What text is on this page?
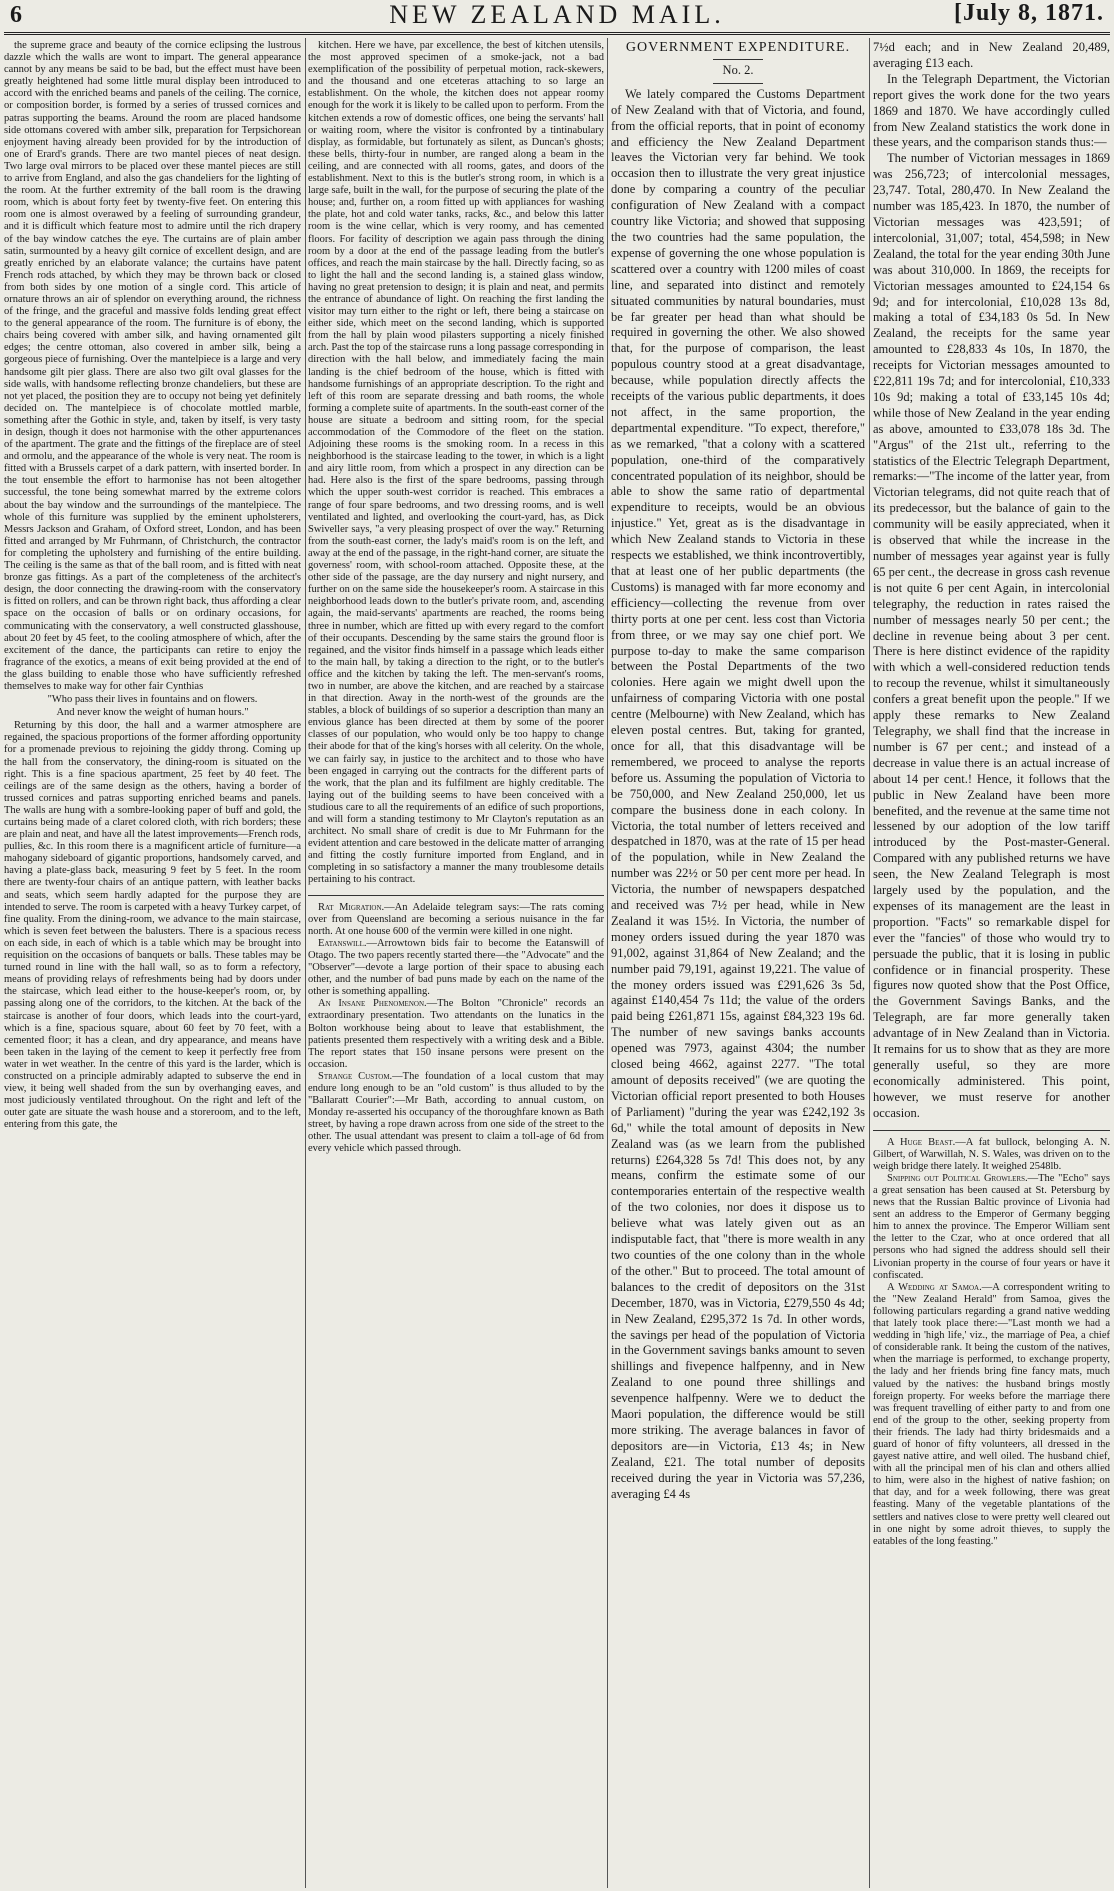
6	NEW ZEALAND MAIL.	[July 8, 1871.

the supreme grace and beauty of the cornice eclipsing the lustrous dazzle which the walls are wont to impart. The general appearance cannot by any means be said to be bad, but the effect must have been greatly heightened had some little mural display been introduced to accord with the enriched beams and panels of the ceiling. The cornice, or composition border, is formed by a series of trussed cornices and patras supporting the beams. Around the room are placed handsome side ottomans covered with amber silk, preparation for Terpsichorean enjoyment having already been provided for by the introduction of one of Erard's grands. There are two mantel pieces of neat design. Two large oval mirrors to be placed over these mantel pieces are still to arrive from England, and also the gas chandeliers for the lighting of the room. At the further extremity of the ball room is the drawing room, which is about forty feet by twenty-five feet. On entering this room one is almost overawed by a feeling of surrounding grandeur, and it is difficult which feature most to admire until the rich drapery of the bay window catches the eye. The curtains are of plain amber satin, surmounted by a heavy gilt cornice of excellent design, and are greatly enriched by an elaborate valance; the curtains have patent French rods attached, by which they may be thrown back or closed from both sides by one motion of a single cord. This article of ornature throws an air of splendor on everything around, the richness of the fringe, and the graceful and massive folds lending great effect to the general appearance of the room. The furniture is of ebony, the chairs being covered with amber silk, and having ornamented gilt edges; the centre ottoman, also covered in amber silk, being a gorgeous piece of furnishing. Over the mantelpiece is a large and very handsome gilt pier glass. There are also two gilt oval glasses for the side walls, with handsome reflecting bronze chandeliers, but these are not yet placed, the position they are to occupy not being yet definitely decided on. The mantelpiece is of chocolate mottled marble, something after the Gothic in style, and, taken by itself, is very tasty in design, though it does not harmonise with the other appurtenances of the apartment. The grate and the fittings of the fireplace are of steel and ormolu, and the appearance of the whole is very neat. The room is fitted with a Brussels carpet of a dark pattern, with inserted border. In the tout ensemble the effort to harmonise has not been altogether successful, the tone being somewhat marred by the extreme colors about the bay window and the surroundings of the mantelpiece. The whole of this furniture was supplied by the eminent upholsterers, Messrs Jackson and Graham, of Oxford street, London, and has been fitted and arranged by Mr Fuhrmann, of Christchurch, the contractor for completing the upholstery and furnishing of the entire building. The ceiling is the same as that of the ball room, and is fitted with neat bronze gas fittings. As a part of the completeness of the architect's design, the door connecting the drawing-room with the conservatory is fitted on rollers, and can be thrown right back, thus affording a clear space on the occasion of balls or on ordinary occasions, for communicating with the conservatory, a well constructed glasshouse, about 20 feet by 45 feet, to the cooling atmosphere of which, after the excitement of the dance, the participants can retire to enjoy the fragrance of the exotics, a means of exit being provided at the end of the glass building to enable those who have sufficiently refreshed themselves to make way for other fair Cynthias

"Who pass their lives in fountains and on flowers.

And never know the weight of human hours."

Returning by this door, the hall and a warmer atmosphere are regained, the spacious proportions of the former affording opportunity for a promenade previous to rejoining the giddy throng. Coming up the hall from the conservatory, the dining-room is situated on the right. This is a fine spacious apartment, 25 feet by 40 feet. The ceilings are of the same design as the others, having a border of trussed cornices and patras supporting enriched beams and panels. The walls are hung with a sombre-looking paper of buff and gold, the curtains being made of a claret colored cloth, with rich borders; these are plain and neat, and have all the latest improvements—French rods, pullies, &c. In this room there is a magnificent article of furniture—a mahogany sideboard of gigantic proportions, handsomely carved, and having a plate-glass back, measuring 9 feet by 5 feet. In the room there are twenty-four chairs of an antique pattern, with leather backs and seats, which seem hardly adapted for the purpose they are intended to serve. The room is carpeted with a heavy Turkey carpet, of fine quality. From the dining-room, we advance to the main staircase, which is seven feet between the balusters. There is a spacious recess on each side, in each of which is a table which may be brought into requisition on the occasions of banquets or balls. These tables may be turned round in line with the hall wall, so as to form a refectory, means of providing relays of refreshments being had by doors under the staircase, which lead either to the house-keeper's room, or, by passing along one of the corridors, to the kitchen. At the back of the staircase is another of four doors, which leads into the court-yard, which is a fine, spacious square, about 60 feet by 70 feet, with a cemented floor; it has a clean, and dry appearance, and means have been taken in the laying of the cement to keep it perfectly free from water in wet weather. In the centre of this yard is the larder, which is constructed on a principle admirably adapted to subserve the end in view, it being well shaded from the sun by overhanging eaves, and most judiciously ventilated throughout. On the right and left of the outer gate are situate the wash house and a storeroom, and to the left, entering from this gate, the

kitchen. Here we have, par excellence, the best of kitchen utensils, the most approved specimen of a smoke-jack, not a bad exemplification of the possibility of perpetual motion, rack-skewers, and the thousand and one etceteras attaching to so large an establishment. On the whole, the kitchen does not appear roomy enough for the work it is likely to be called upon to perform. From the kitchen extends a row of domestic offices, one being the servants' hall or waiting room, where the visitor is confronted by a tintinabulary display, as formidable, but fortunately as silent, as Duncan's ghosts; these bells, thirty-four in number, are ranged along a beam in the ceiling, and are connected with all rooms, gates, and doors of the establishment. Next to this is the butler's strong room, in which is a large safe, built in the wall, for the purpose of securing the plate of the house; and, further on, a room fitted up with appliances for washing the plate, hot and cold water tanks, racks, &c., and below this latter room is the wine cellar, which is very roomy, and has cemented floors. For facility of description we again pass through the dining room by a door at the end of the passage leading from the butler's offices, and reach the main staircase by the hall. Directly facing, so as to light the hall and the second landing is, a stained glass window, having no great pretension to design; it is plain and neat, and permits the entrance of abundance of light. On reaching the first landing the visitor may turn either to the right or left, there being a staircase on either side, which meet on the second landing, which is supported from the hall by plain wood pilasters supporting a nicely finished arch. Past the top of the staircase runs a long passage corresponding in direction with the hall below, and immediately facing the main landing is the chief bedroom of the house, which is fitted with handsome furnishings of an appropriate description. To the right and left of this room are separate dressing and bath rooms, the whole forming a complete suite of apartments. In the south-east corner of the house are situate a bedroom and sitting room, for the special accommodation of the Commodore of the fleet on the station. Adjoining these rooms is the smoking room. In a recess in this neighborhood is the staircase leading to the tower, in which is a light and airy little room, from which a prospect in any direction can be had. Here also is the first of the spare bedrooms, passing through which the upper south-west corridor is reached. This embraces a range of four spare bedrooms, and two dressing rooms, and is well ventilated and lighted, and overlooking the court-yard, has, as Dick Swiveller says, "a very pleasing prospect of over the way." Returning from the south-east corner, the lady's maid's room is on the left, and away at the end of the passage, in the right-hand corner, are situate the governess' room, with school-room attached. Opposite these, at the other side of the passage, are the day nursery and night nursery, and further on on the same side the housekeeper's room. A staircase in this neighborhood leads down to the butler's private room, and, ascending again, the maid-servants' apartments are reached, the rooms being three in number, which are fitted up with every regard to the comfort of their occupants. Descending by the same stairs the ground floor is regained, and the visitor finds himself in a passage which leads either to the main hall, by taking a direction to the right, or to the butler's office and the kitchen by taking the left. The men-servant's rooms, two in number, are above the kitchen, and are reached by a staircase in that direction. Away in the north-west of the grounds are the stables, a block of buildings of so superior a description than many an envious glance has been directed at them by some of the poorer classes of our population, who would only be too happy to change their abode for that of the king's horses with all celerity. On the whole, we can fairly say, in justice to the architect and to those who have been engaged in carrying out the contracts for the different parts of the work, that the plan and its fulfilment are highly creditable. The laying out of the building seems to have been conceived with a studious care to all the requirements of an edifice of such proportions, and will form a standing testimony to Mr Clayton's reputation as an architect. No small share of credit is due to Mr Fuhrmann for the evident attention and care bestowed in the delicate matter of arranging and fitting the costly furniture imported from England, and in completing in so satisfactory a manner the many troublesome details pertaining to his contract.

Rat Migration.—An Adelaide telegram says:—The rats coming over from Queensland are becoming a serious nuisance in the far north. At one house 600 of the vermin were killed in one night.

Eatanswill.—Arrowtown bids fair to become the Eatanswill of Otago. The two papers recently started there—the "Advocate" and the "Observer"—devote a large portion of their space to abusing each other, and the number of bad puns made by each on the name of the other is something appalling.

An Insane Phenomenon.—The Bolton "Chronicle" records an extraordinary presentation. Two attendants on the lunatics in the Bolton workhouse being about to leave that establishment, the patients presented them respectively with a writing desk and a Bible. The report states that 150 insane persons were present on the occasion.

Strange Custom.—The foundation of a local custom that may endure long enough to be an "old custom" is thus alluded to by the "Ballaratt Courier":—Mr Bath, according to annual custom, on Monday re-asserted his occupancy of the thoroughfare known as Bath street, by having a rope drawn across from one side of the street to the other. The usual attendant was present to claim a toll-age of 6d from every vehicle which passed through.

GOVERNMENT EXPENDITURE.
No. 2.

We lately compared the Customs Department of New Zealand with that of Victoria, and found, from the official reports, that in point of economy and efficiency the New Zealand Department leaves the Victorian very far behind. We took occasion then to illustrate the very great injustice done by comparing a country of the peculiar configuration of New Zealand with a compact country like Victoria; and showed that supposing the two countries had the same population, the expense of governing the one whose population is scattered over a country with 1200 miles of coast line, and separated into distinct and remotely situated communities by natural boundaries, must be far greater per head than what should be required in governing the other. We also showed that, for the purpose of comparison, the least populous country stood at a great disadvantage, because, while population directly affects the receipts of the various public departments, it does not affect, in the same proportion, the departmental expenditure. "To expect, therefore," as we remarked, "that a colony with a scattered population, one-third of the comparatively concentrated population of its neighbor, should be able to show the same ratio of departmental expenditure to receipts, would be an obvious injustice." Yet, great as is the disadvantage in which New Zealand stands to Victoria in these respects we established, we think incontrovertibly, that at least one of her public departments (the Customs) is managed with far more economy and efficiency—collecting the revenue from over thirty ports at one per cent. less cost than Victoria from three, or we may say one chief port. We purpose to-day to make the same comparison between the Postal Departments of the two colonies. Here again we might dwell upon the unfairness of comparing Victoria with one postal centre (Melbourne) with New Zealand, which has eleven postal centres. But, taking for granted, once for all, that this disadvantage will be remembered, we proceed to analyse the reports before us. Assuming the population of Victoria to be 750,000, and New Zealand 250,000, let us compare the business done in each colony. In Victoria, the total number of letters received and despatched in 1870, was at the rate of 15 per head of the population, while in New Zealand the number was 22½ or 50 per cent more per head. In Victoria, the number of newspapers despatched and received was 7½ per head, while in New Zealand it was 15½. In Victoria, the number of money orders issued during the year 1870 was 91,002, against 31,864 of New Zealand; and the number paid 79,191, against 19,221. The value of the money orders issued was £291,626 3s 5d, against £140,454 7s 11d; the value of the orders paid being £261,871 15s, against £84,323 19s 6d. The number of new savings banks accounts opened was 7973, against 4304; the number closed being 4662, against 2277. "The total amount of deposits received" (we are quoting the Victorian official report presented to both Houses of Parliament) "during the year was £242,192 3s 6d," while the total amount of deposits in New Zealand was (as we learn from the published returns) £264,328 5s 7d! This does not, by any means, confirm the estimate some of our contemporaries entertain of the respective wealth of the two colonies, nor does it dispose us to believe what was lately given out as an indisputable fact, that "there is more wealth in any two counties of the one colony than in the whole of the other." But to proceed. The total amount of balances to the credit of depositors on the 31st December, 1870, was in Victoria, £279,550 4s 4d; in New Zealand, £295,372 1s 7d. In other words, the savings per head of the population of Victoria in the Government savings banks amount to seven shillings and fivepence halfpenny, and in New Zealand to one pound three shillings and sevenpence halfpenny. Were we to deduct the Maori population, the difference would be still more striking. The average balances in favor of depositors are—in Victoria, £13 4s; in New Zealand, £21. The total number of deposits received during the year in Victoria was 57,236, averaging £4 4s

7½d each; and in New Zealand 20,489, averaging £13 each.

In the Telegraph Department, the Victorian report gives the work done for the two years 1869 and 1870. We have accordingly culled from New Zealand statistics the work done in these years, and the comparison stands thus:—

The number of Victorian messages in 1869 was 256,723; of intercolonial messages, 23,747. Total, 280,470. In New Zealand the number was 185,423. In 1870, the number of Victorian messages was 423,591; of intercolonial, 31,007; total, 454,598; in New Zealand, the total for the year ending 30th June was about 310,000. In 1869, the receipts for Victorian messages amounted to £24,154 6s 9d; and for intercolonial, £10,028 13s 8d, making a total of £34,183 0s 5d. In New Zealand, the receipts for the same year amounted to £28,833 4s 10s, In 1870, the receipts for Victorian messages amounted to £22,811 19s 7d; and for intercolonial, £10,333 10s 9d; making a total of £33,145 10s 4d; while those of New Zealand in the year ending as above, amounted to £33,078 18s 3d. The "Argus" of the 21st ult., referring to the statistics of the Electric Telegraph Department, remarks:—"The income of the latter year, from Victorian telegrams, did not quite reach that of its predecessor, but the balance of gain to the community will be easily appreciated, when it is observed that while the increase in the number of messages year against year is fully 65 per cent., the decrease in gross cash revenue is not quite 6 per cent Again, in intercolonial telegraphy, the reduction in rates raised the number of messages nearly 50 per cent.; the decline in revenue being about 3 per cent. There is here distinct evidence of the rapidity with which a well-considered reduction tends to recoup the revenue, whilst it simultaneously confers a great benefit upon the people." If we apply these remarks to New Zealand Telegraphy, we shall find that the increase in number is 67 per cent.; and instead of a decrease in value there is an actual increase of about 14 per cent.! Hence, it follows that the public in New Zealand have been more benefited, and the revenue at the same time not lessened by our adoption of the low tariff introduced by the Post-master-General. Compared with any published returns we have seen, the New Zealand Telegraph is most largely used by the population, and the expenses of its management are the least in proportion. "Facts" so remarkable dispel for ever the "fancies" of those who would try to persuade the public, that it is losing in public confidence or in financial prosperity. These figures now quoted show that the Post Office, the Government Savings Banks, and the Telegraph, are far more generally taken advantage of in New Zealand than in Victoria. It remains for us to show that as they are more generally useful, so they are more economically administered. This point, however, we must reserve for another occasion.

A Huge Beast.—A fat bullock, belonging A. N. Gilbert, of Warwillah, N. S. Wales, was driven on to the weigh bridge there lately. It weighed 2548lb.

Snipping out Political Growlers.—The "Echo" says a great sensation has been caused at St. Petersburg by news that the Russian Baltic province of Livonia had sent an address to the Emperor of Germany begging him to annex the province. The Emperor William sent the letter to the Czar, who at once ordered that all persons who had signed the address should sell their Livonian property in the course of four years or have it confiscated.

A Wedding at Samoa.—A correspondent writing to the "New Zealand Herald" from Samoa, gives the following particulars regarding a grand native wedding that lately took place there:—"Last month we had a wedding in 'high life,' viz., the marriage of Pea, a chief of considerable rank. It being the custom of the natives, when the marriage is performed, to exchange property, the lady and her friends bring fine fancy mats, much valued by the natives: the husband brings mostly foreign property. For weeks before the marriage there was frequent travelling of either party to and from one end of the group to the other, seeking property from their friends. The lady had thirty bridesmaids and a guard of honor of fifty volunteers, all dressed in the gayest native attire, and well oiled. The husband chief, with all the principal men of his clan and others allied to him, were also in the highest of native fashion; on that day, and for a week following, there was great feasting. Many of the vegetable plantations of the settlers and natives close to were pretty well cleared out in one night by some adroit thieves, to supply the eatables of the long feasting."
